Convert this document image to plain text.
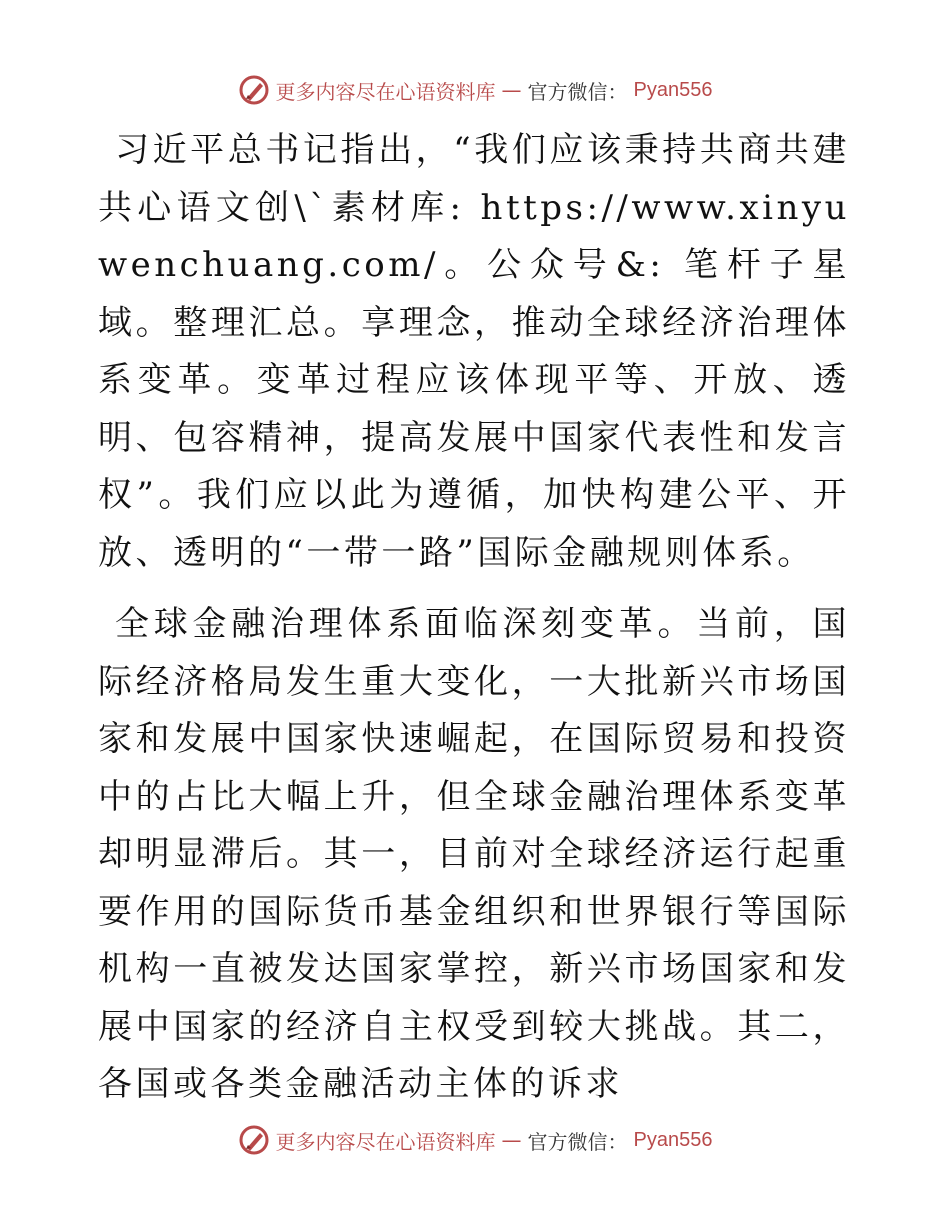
更多内容尽在心语资料库 — 官方微信： Pyan556

习近平总书记指出，“我们应该秉持共商共建共心语文创\`素材库: https://www.xinyuwenchuang.com/。公众号&: 笔杆子星域。整理汇总。享理念，推动全球经济治理体系变革。变革过程应该体现平等、开放、透明、包容精神，提高发展中国家代表性和发言权”。我们应以此为遵循，加快构建公平、开放、透明的“一带一路”国际金融规则体系。

全球金融治理体系面临深刻变革。当前，国际经济格局发生重大变化，一大批新兴市场国家和发展中国家快速崛起，在国际贸易和投资中的占比大幅上升，但全球金融治理体系变革却明显滞后。其一，目前对全球经济运行起重要作用的国际货币基金组织和世界银行等国际机构一直被发达国家掌控，新兴市场国家和发展中国家的经济自主权受到较大挑战。其二，各国或各类金融活动主体的诉求

更多内容尽在心语资料库 — 官方微信： Pyan556
